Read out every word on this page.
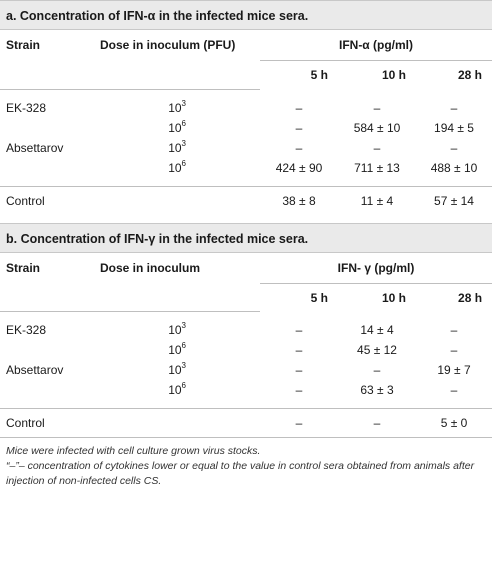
a. Concentration of IFN-α in the infected mice sera.
Strain	Dose in inoculum (PFU)	IFN-α (pg/ml)		
		5 h	10 h	28 h

EK-328	$10^3$	–	–	–
	$10^6$	–	584 ± 10	194 ± 5
Absettarov	$10^3$	–	–	–
	$10^6$	424 ± 90	711 ± 13	488 ± 10

Control		38 ± 8	11 ± 4	57 ± 14

b. Concentration of IFN-γ in the infected mice sera.
Strain	Dose in inoculum	IFN- γ (pg/ml)		
		5 h	10 h	28 h

EK-328	$10^3$	–	14 ± 4	–
	$10^6$	–	45 ± 12	–
Absettarov	$10^3$	–	–	19 ± 7
	$10^6$	–	63 ± 3	–

Control		–	–	5 ± 0
Mice were infected with cell culture grown virus stocks.
“–”– concentration of cytokines lower or equal to the value in control sera obtained from animals after injection of non-infected cells CS.
